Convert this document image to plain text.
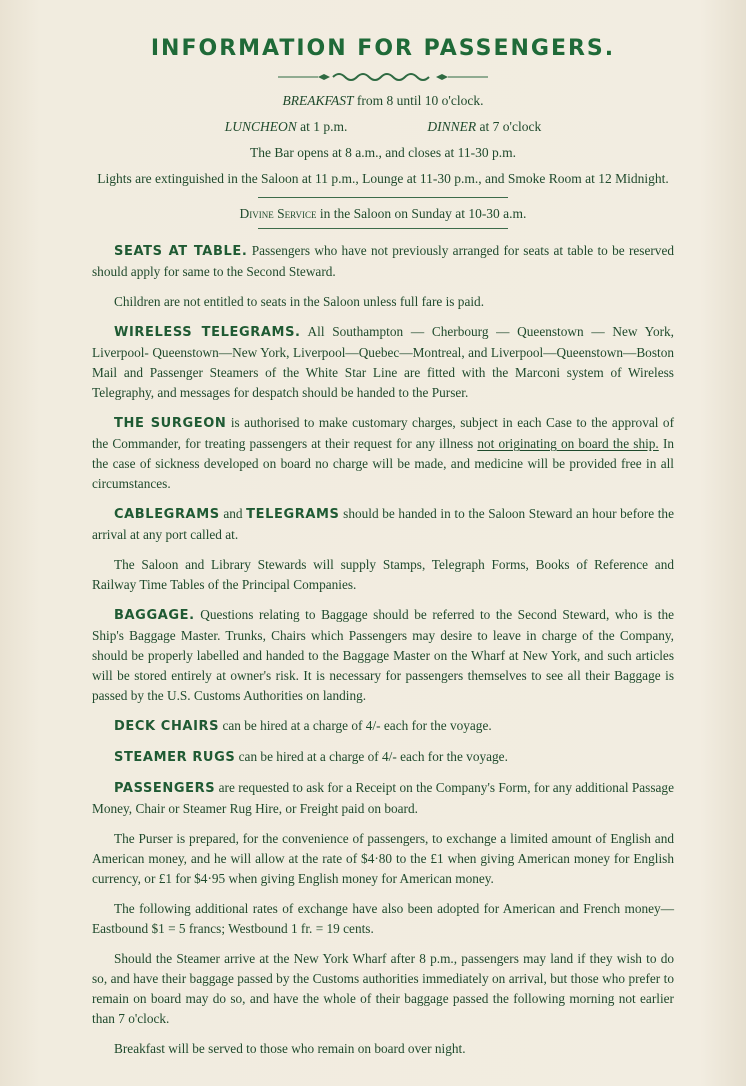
INFORMATION FOR PASSENGERS.

BREAKFAST from 8 until 10 o'clock.

LUNCHEON at 1 p.m.	DINNER at 7 o'clock

The Bar opens at 8 a.m., and closes at 11-30 p.m.

Lights are extinguished in the Saloon at 11 p.m., Lounge at 11-30 p.m., and Smoke Room at 12 Midnight.

Divine Service in the Saloon on Sunday at 10-30 a.m.

SEATS AT TABLE. Passengers who have not previously arranged for seats at table to be reserved should apply for same to the Second Steward.

Children are not entitled to seats in the Saloon unless full fare is paid.

WIRELESS TELEGRAMS. All Southampton — Cherbourg — Queenstown — New York, Liverpool- Queenstown—New York, Liverpool—Quebec—Montreal, and Liverpool—Queenstown—Boston Mail and Passenger Steamers of the White Star Line are fitted with the Marconi system of Wireless Telegraphy, and messages for despatch should be handed to the Purser.

THE SURGEON is authorised to make customary charges, subject in each Case to the approval of the Commander, for treating passengers at their request for any illness not originating on board the ship. In the case of sickness developed on board no charge will be made, and medicine will be provided free in all circumstances.

CABLEGRAMS and TELEGRAMS should be handed in to the Saloon Steward an hour before the arrival at any port called at.

The Saloon and Library Stewards will supply Stamps, Telegraph Forms, Books of Reference and Railway Time Tables of the Principal Companies.

BAGGAGE. Questions relating to Baggage should be referred to the Second Steward, who is the Ship's Baggage Master. Trunks, Chairs which Passengers may desire to leave in charge of the Company, should be properly labelled and handed to the Baggage Master on the Wharf at New York, and such articles will be stored entirely at owner's risk. It is necessary for passengers themselves to see all their Baggage is passed by the U.S. Customs Authorities on landing.

DECK CHAIRS can be hired at a charge of 4/- each for the voyage.

STEAMER RUGS can be hired at a charge of 4/- each for the voyage.

PASSENGERS are requested to ask for a Receipt on the Company's Form, for any additional Passage Money, Chair or Steamer Rug Hire, or Freight paid on board.

The Purser is prepared, for the convenience of passengers, to exchange a limited amount of English and American money, and he will allow at the rate of $4·80 to the £1 when giving American money for English currency, or £1 for $4·95 when giving English money for American money.

The following additional rates of exchange have also been adopted for American and French money—Eastbound $1 = 5 francs; Westbound 1 fr. = 19 cents.

Should the Steamer arrive at the New York Wharf after 8 p.m., passengers may land if they wish to do so, and have their baggage passed by the Customs authorities immediately on arrival, but those who prefer to remain on board may do so, and have the whole of their baggage passed the following morning not earlier than 7 o'clock.

Breakfast will be served to those who remain on board over night.
